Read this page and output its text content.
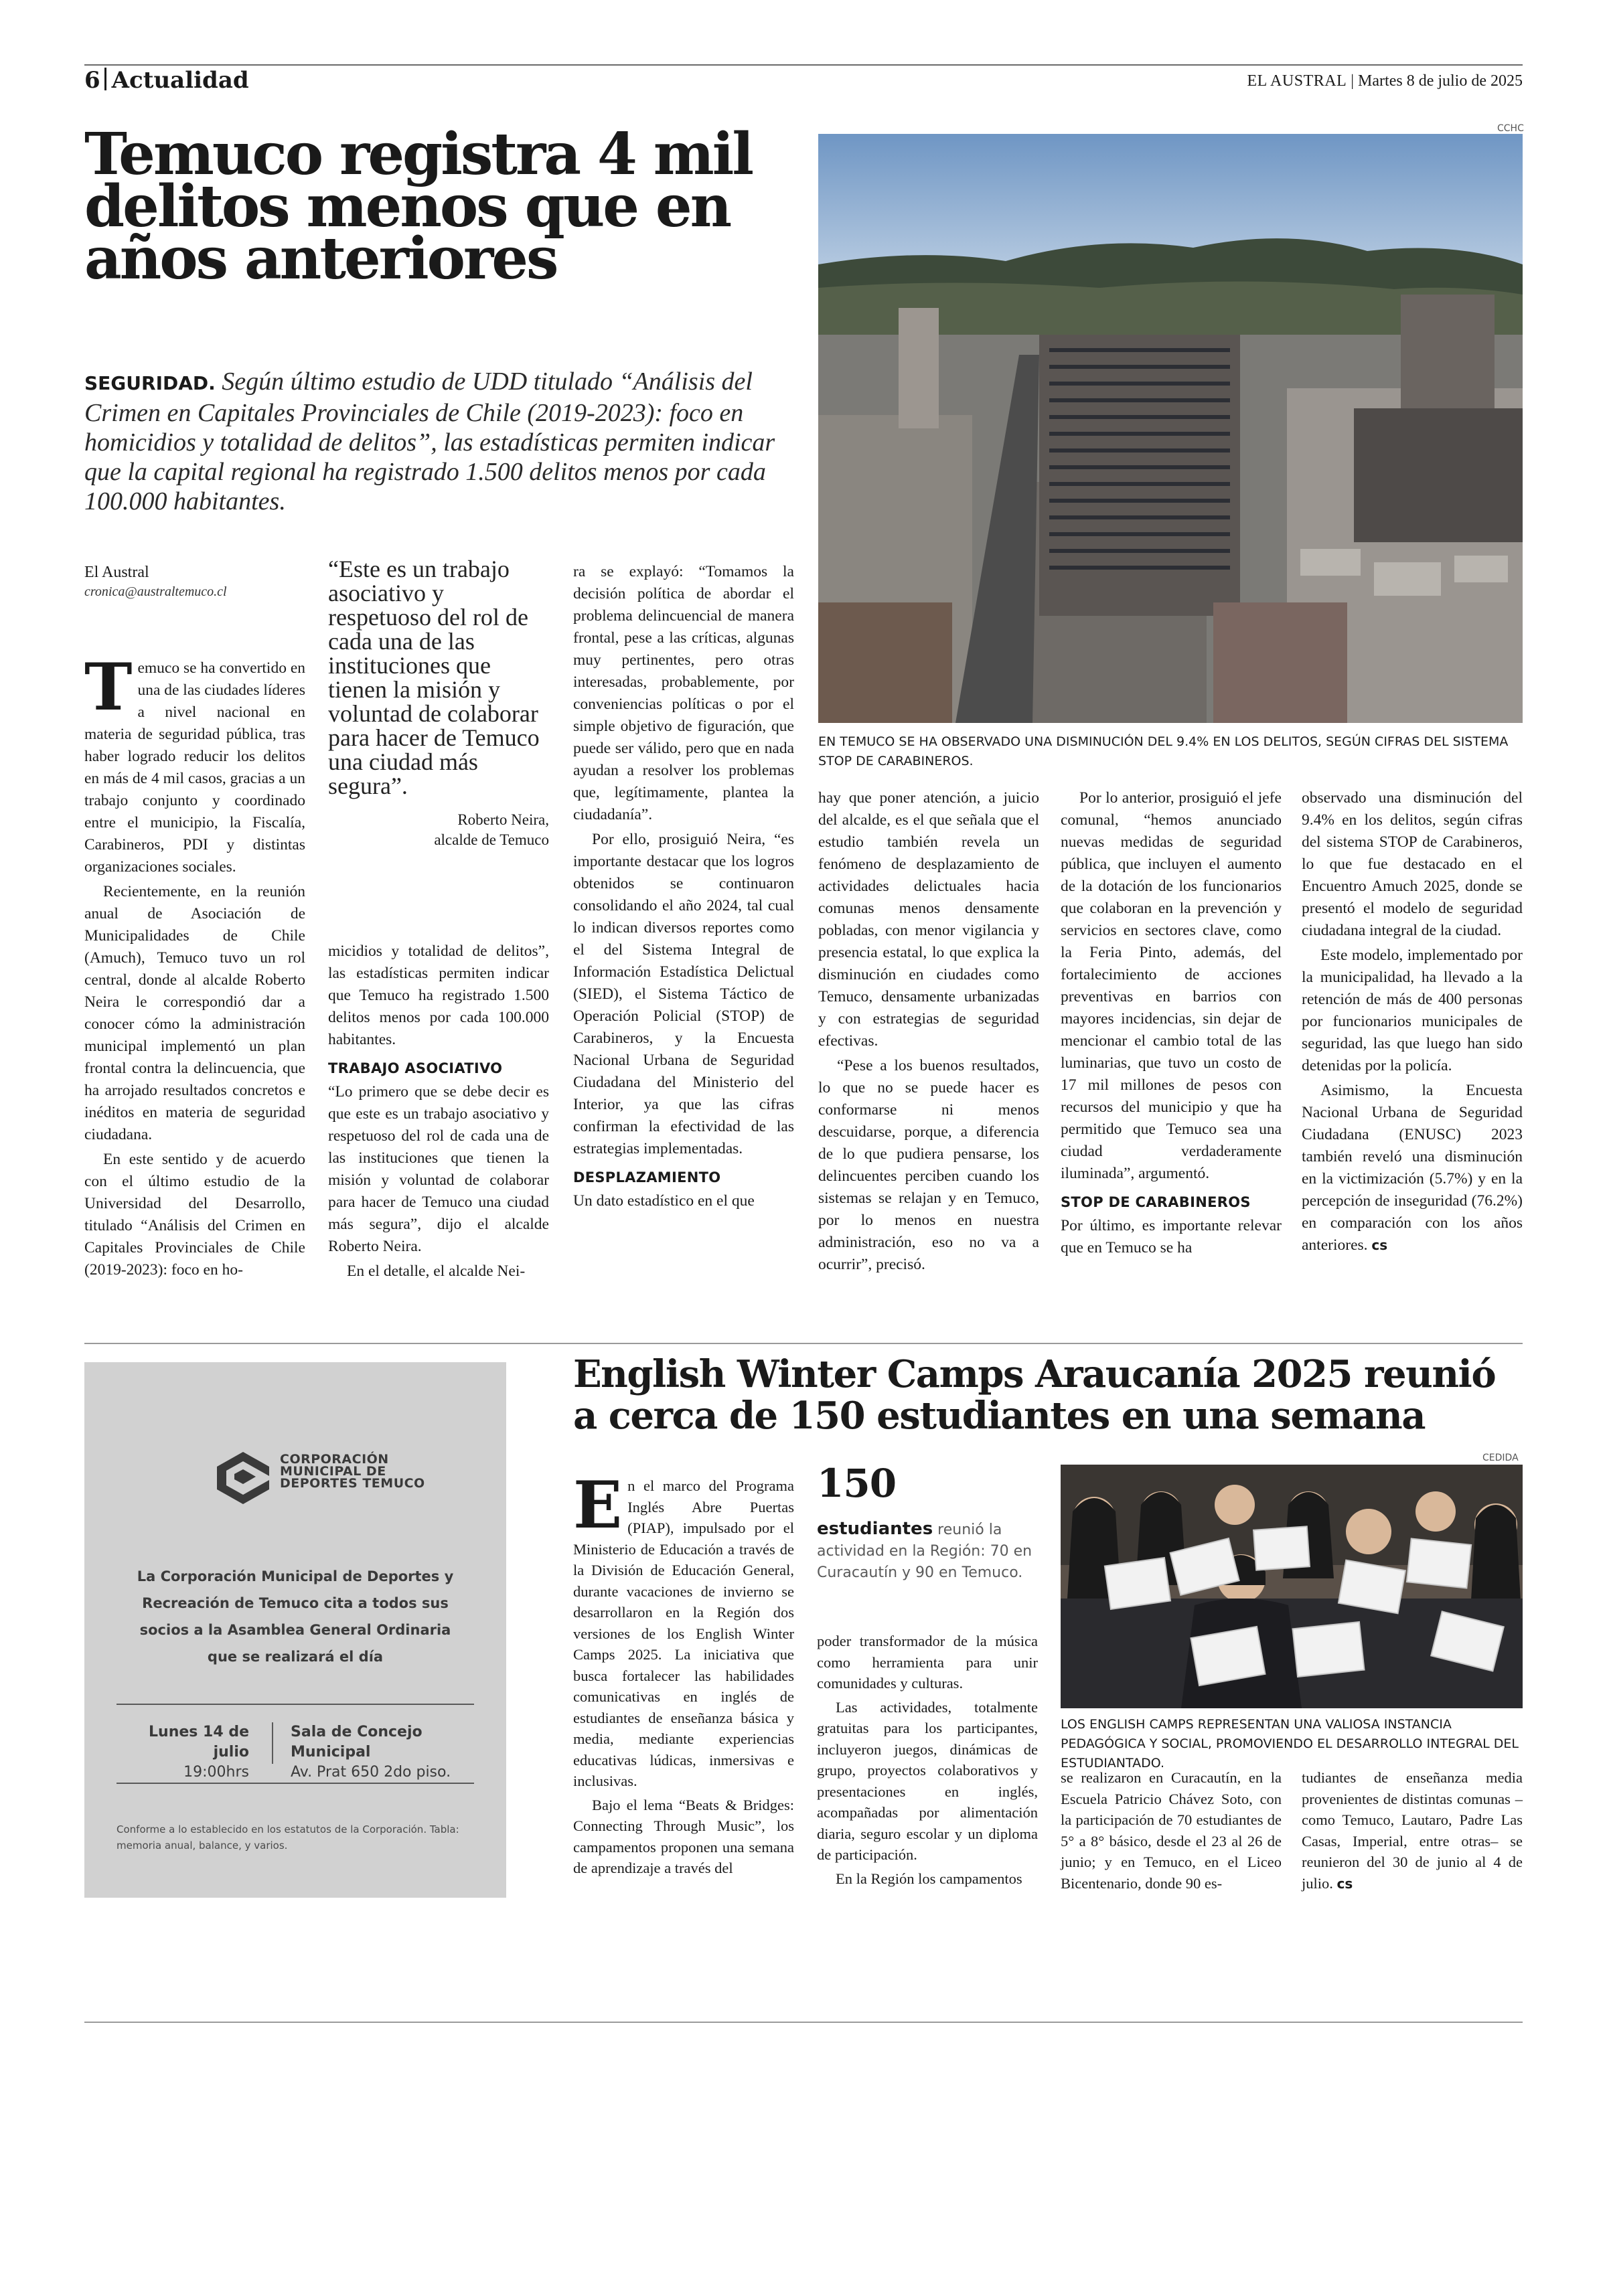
6 Actualidad	EL AUSTRAL | Martes 8 de julio de 2025
Temuco registra 4 mil delitos menos que en años anteriores

SEGURIDAD. Según último estudio de UDD titulado “Análisis del Crimen en Capitales Provinciales de Chile (2019-2023): foco en homicidios y totalidad de delitos”, las estadísticas permiten indicar que la capital regional ha registrado 1.500 delitos menos por cada 100.000 habitantes.

El Austral
cronica@australtemuco.cl
CCHC
EN TEMUCO SE HA OBSERVADO UNA DISMINUCIÓN DEL 9.4% EN LOS DELITOS, SEGÚN CIFRAS DEL SISTEMA STOP DE CARABINEROS.

Temuco se ha convertido en una de las ciudades líderes a nivel nacional en materia de seguridad pública, tras haber logrado reducir los delitos en más de 4 mil casos, gracias a un trabajo conjunto y coordinado entre el municipio, la Fiscalía, Carabineros, PDI y distintas organizaciones sociales.

Recientemente, en la reunión anual de Asociación de Municipalidades de Chile (Amuch), Temuco tuvo un rol central, donde al alcalde Roberto Neira le correspondió dar a conocer cómo la administración municipal implementó un plan frontal contra la delincuencia, que ha arrojado resultados concretos e inéditos en materia de seguridad ciudadana.

En este sentido y de acuerdo con el último estudio de la Universidad del Desarrollo, titulado “Análisis del Crimen en Capitales Provinciales de Chile (2019-2023): foco en ho-

“Este es un trabajo asociativo y respetuoso del rol de cada una de las instituciones que tienen la misión y voluntad de colaborar para hacer de Temuco una ciudad más segura”.
Roberto Neira,
alcalde de Temuco

micidios y totalidad de delitos”, las estadísticas permiten indicar que Temuco ha registrado 1.500 delitos menos por cada 100.000 habitantes.

TRABAJO ASOCIATIVO

“Lo primero que se debe decir es que este es un trabajo asociativo y respetuoso del rol de cada una de las instituciones que tienen la misión y voluntad de colaborar para hacer de Temuco una ciudad más segura”, dijo el alcalde Roberto Neira.

En el detalle, el alcalde Nei-

ra se explayó: “Tomamos la decisión política de abordar el problema delincuencial de manera frontal, pese a las críticas, algunas muy pertinentes, pero otras interesadas, probablemente, por conveniencias políticas o por el simple objetivo de figuración, que puede ser válido, pero que en nada ayudan a resolver los problemas que, legítimamente, plantea la ciudadanía”.

Por ello, prosiguió Neira, “es importante destacar que los logros obtenidos se continuaron consolidando el año 2024, tal cual lo indican diversos reportes como el del Sistema Integral de Información Estadística Delictual (SIED), el Sistema Táctico de Operación Policial (STOP) de Carabineros, y la Encuesta Nacional Urbana de Seguridad Ciudadana del Ministerio del Interior, ya que las cifras confirman la efectividad de las estrategias implementadas.

DESPLAZAMIENTO

Un dato estadístico en el que

hay que poner atención, a juicio del alcalde, es el que señala que el estudio también revela un fenómeno de desplazamiento de actividades delictuales hacia comunas menos densamente pobladas, con menor vigilancia y presencia estatal, lo que explica la disminución en ciudades como Temuco, densamente urbanizadas y con estrategias de seguridad efectivas.

“Pese a los buenos resultados, lo que no se puede hacer es conformarse ni menos descuidarse, porque, a diferencia de lo que pudiera pensarse, los delincuentes perciben cuando los sistemas se relajan y en Temuco, por lo menos en nuestra administración, eso no va a ocurrir”, precisó.

Por lo anterior, prosiguió el jefe comunal, “hemos anunciado nuevas medidas de seguridad pública, que incluyen el aumento de la dotación de los funcionarios que colaboran en la prevención y servicios en sectores clave, como la Feria Pinto, además, del fortalecimiento de acciones preventivas en barrios con mayores incidencias, sin dejar de mencionar el cambio total de las luminarias, que tuvo un costo de 17 mil millones de pesos con recursos del municipio y que ha permitido que Temuco sea una ciudad verdaderamente iluminada”, argumentó.

STOP DE CARABINEROS

Por último, es importante relevar que en Temuco se ha

observado una disminución del 9.4% en los delitos, según cifras del sistema STOP de Carabineros, lo que fue destacado en el Encuentro Amuch 2025, donde se presentó el modelo de seguridad ciudadana integral de la ciudad.

Este modelo, implementado por la municipalidad, ha llevado a la retención de más de 400 personas por funcionarios municipales de seguridad, las que luego han sido detenidas por la policía.

Asimismo, la Encuesta Nacional Urbana de Seguridad Ciudadana (ENUSC) 2023 también reveló una disminución en la victimización (5.7%) y en la percepción de inseguridad (76.2%) en comparación con los años anteriores. cs

CORPORACIÓN MUNICIPAL DE DEPORTES TEMUCO
La Corporación Municipal de Deportes y Recreación de Temuco cita a todos sus socios a la Asamblea General Ordinaria que se realizará el día
Lunes 14 de julio
19:00hrs
Sala de Concejo Municipal
Av. Prat 650 2do piso.
Conforme a lo establecido en los estatutos de la Corporación. Tabla: memoria anual, balance, y varios.
English Winter Camps Araucanía 2025 reunió a cerca de 150 estudiantes en una semana

En el marco del Programa Inglés Abre Puertas (PIAP), impulsado por el Ministerio de Educación a través de la División de Educación General, durante vacaciones de invierno se desarrollaron en la Región dos versiones de los English Winter Camps 2025. La iniciativa que busca fortalecer las habilidades comunicativas en inglés de estudiantes de enseñanza básica y media, mediante experiencias educativas lúdicas, inmersivas e inclusivas.

Bajo el lema “Beats & Bridges: Connecting Through Music”, los campamentos proponen una semana de aprendizaje a través del

150
estudiantes reunió la actividad en la Región: 70 en Curacautín y 90 en Temuco.

poder transformador de la música como herramienta para unir comunidades y culturas.

Las actividades, totalmente gratuitas para los participantes, incluyeron juegos, dinámicas de grupo, proyectos colaborativos y presentaciones en inglés, acompañadas por alimentación diaria, seguro escolar y un diploma de participación.

En la Región los campamentos

CEDIDA
LOS ENGLISH CAMPS REPRESENTAN UNA VALIOSA INSTANCIA PEDAGÓGICA Y SOCIAL, PROMOVIENDO EL DESARROLLO INTEGRAL DEL ESTUDIANTADO.

se realizaron en Curacautín, en la Escuela Patricio Chávez Soto, con la participación de 70 estudiantes de 5° a 8° básico, desde el 23 al 26 de junio; y en Temuco, en el Liceo Bicentenario, donde 90 es-

tudiantes de enseñanza media provenientes de distintas comunas –como Temuco, Lautaro, Padre Las Casas, Imperial, entre otras– se reunieron del 30 de junio al 4 de julio. cs
